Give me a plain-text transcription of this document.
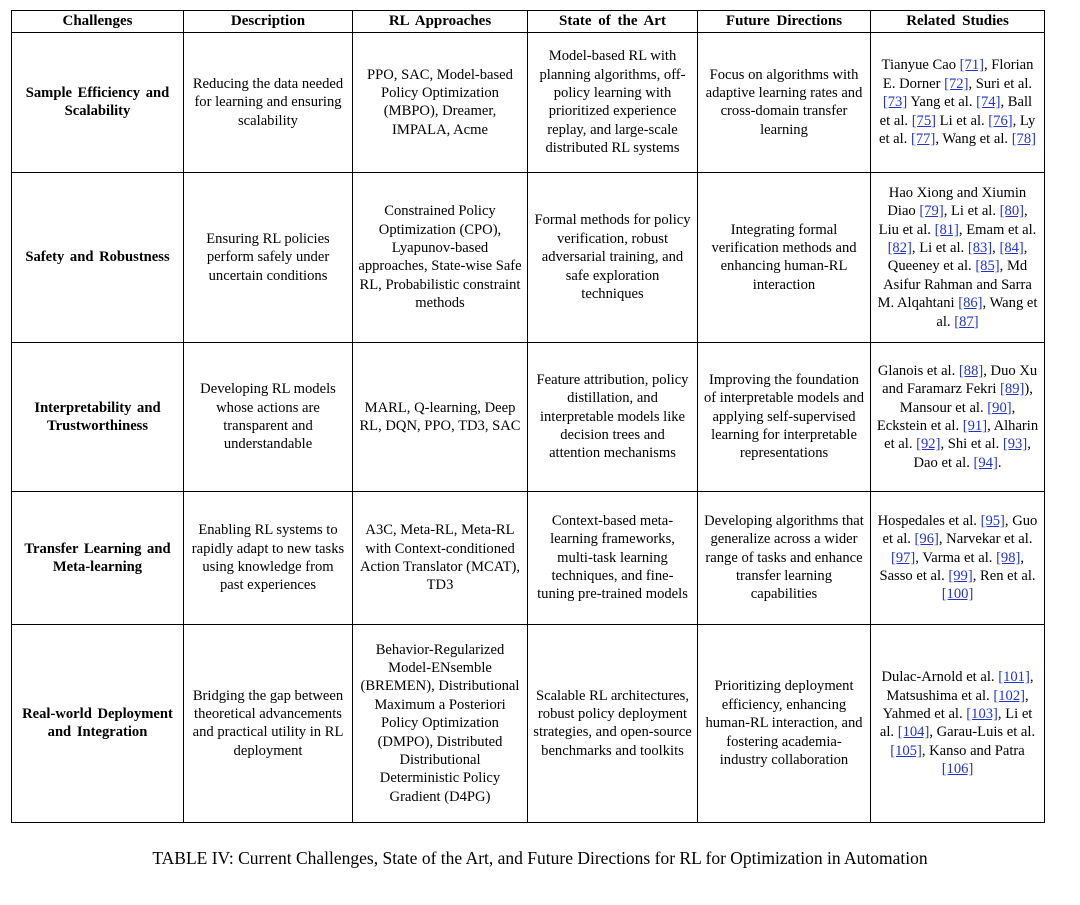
Challenges	Description	RL Approaches	State of the Art	Future Directions	Related Studies
Sample Efficiency and Scalability	Reducing the data needed for learning and ensuring scalability	PPO, SAC, Model-based Policy Optimization (MBPO), Dreamer, IMPALA, Acme	Model-based RL with planning algorithms, off-policy learning with prioritized experience replay, and large-scale distributed RL systems	Focus on algorithms with adaptive learning rates and cross-domain transfer learning	Tianyue Cao [71], Florian E. Dorner [72], Suri et al. [73] Yang et al. [74], Ball et al. [75] Li et al. [76], Ly et al. [77], Wang et al. [78]
Safety and Robustness	Ensuring RL policies perform safely under uncertain conditions	Constrained Policy Optimization (CPO), Lyapunov-based approaches, State-wise Safe RL, Probabilistic constraint methods	Formal methods for policy verification, robust adversarial training, and safe exploration techniques	Integrating formal verification methods and enhancing human-RL interaction	Hao Xiong and Xiumin Diao [79], Li et al. [80], Liu et al. [81], Emam et al. [82], Li et al. [83], [84], Queeney et al. [85], Md Asifur Rahman and Sarra M. Alqahtani [86], Wang et al. [87]
Interpretability and Trustworthiness	Developing RL models whose actions are transparent and understandable	MARL, Q-learning, Deep RL, DQN, PPO, TD3, SAC	Feature attribution, policy distillation, and interpretable models like decision trees and attention mechanisms	Improving the foundation of interpretable models and applying self-supervised learning for interpretable representations	Glanois et al. [88], Duo Xu and Faramarz Fekri [89]), Mansour et al. [90], Eckstein et al. [91], Alharin et al. [92], Shi et al. [93], Dao et al. [94].
Transfer Learning and Meta-learning	Enabling RL systems to rapidly adapt to new tasks using knowledge from past experiences	A3C, Meta-RL, Meta-RL with Context-conditioned Action Translator (MCAT), TD3	Context-based meta-learning frameworks, multi-task learning techniques, and fine-tuning pre-trained models	Developing algorithms that generalize across a wider range of tasks and enhance transfer learning capabilities	Hospedales et al. [95], Guo et al. [96], Narvekar et al. [97], Varma et al. [98], Sasso et al. [99], Ren et al. [100]
Real-world Deployment and Integration	Bridging the gap between theoretical advancements and practical utility in RL deployment	Behavior-Regularized Model-ENsemble (BREMEN), Distributional Maximum a Posteriori Policy Optimization (DMPO), Distributed Distributional Deterministic Policy Gradient (D4PG)	Scalable RL architectures, robust policy deployment strategies, and open-source benchmarks and toolkits	Prioritizing deployment efficiency, enhancing human-RL interaction, and fostering academia-industry collaboration	Dulac-Arnold et al. [101], Matsushima et al. [102], Yahmed et al. [103], Li et al. [104], Garau-Luis et al. [105], Kanso and Patra [106]
TABLE IV: Current Challenges, State of the Art, and Future Directions for RL for Optimization in Automation
